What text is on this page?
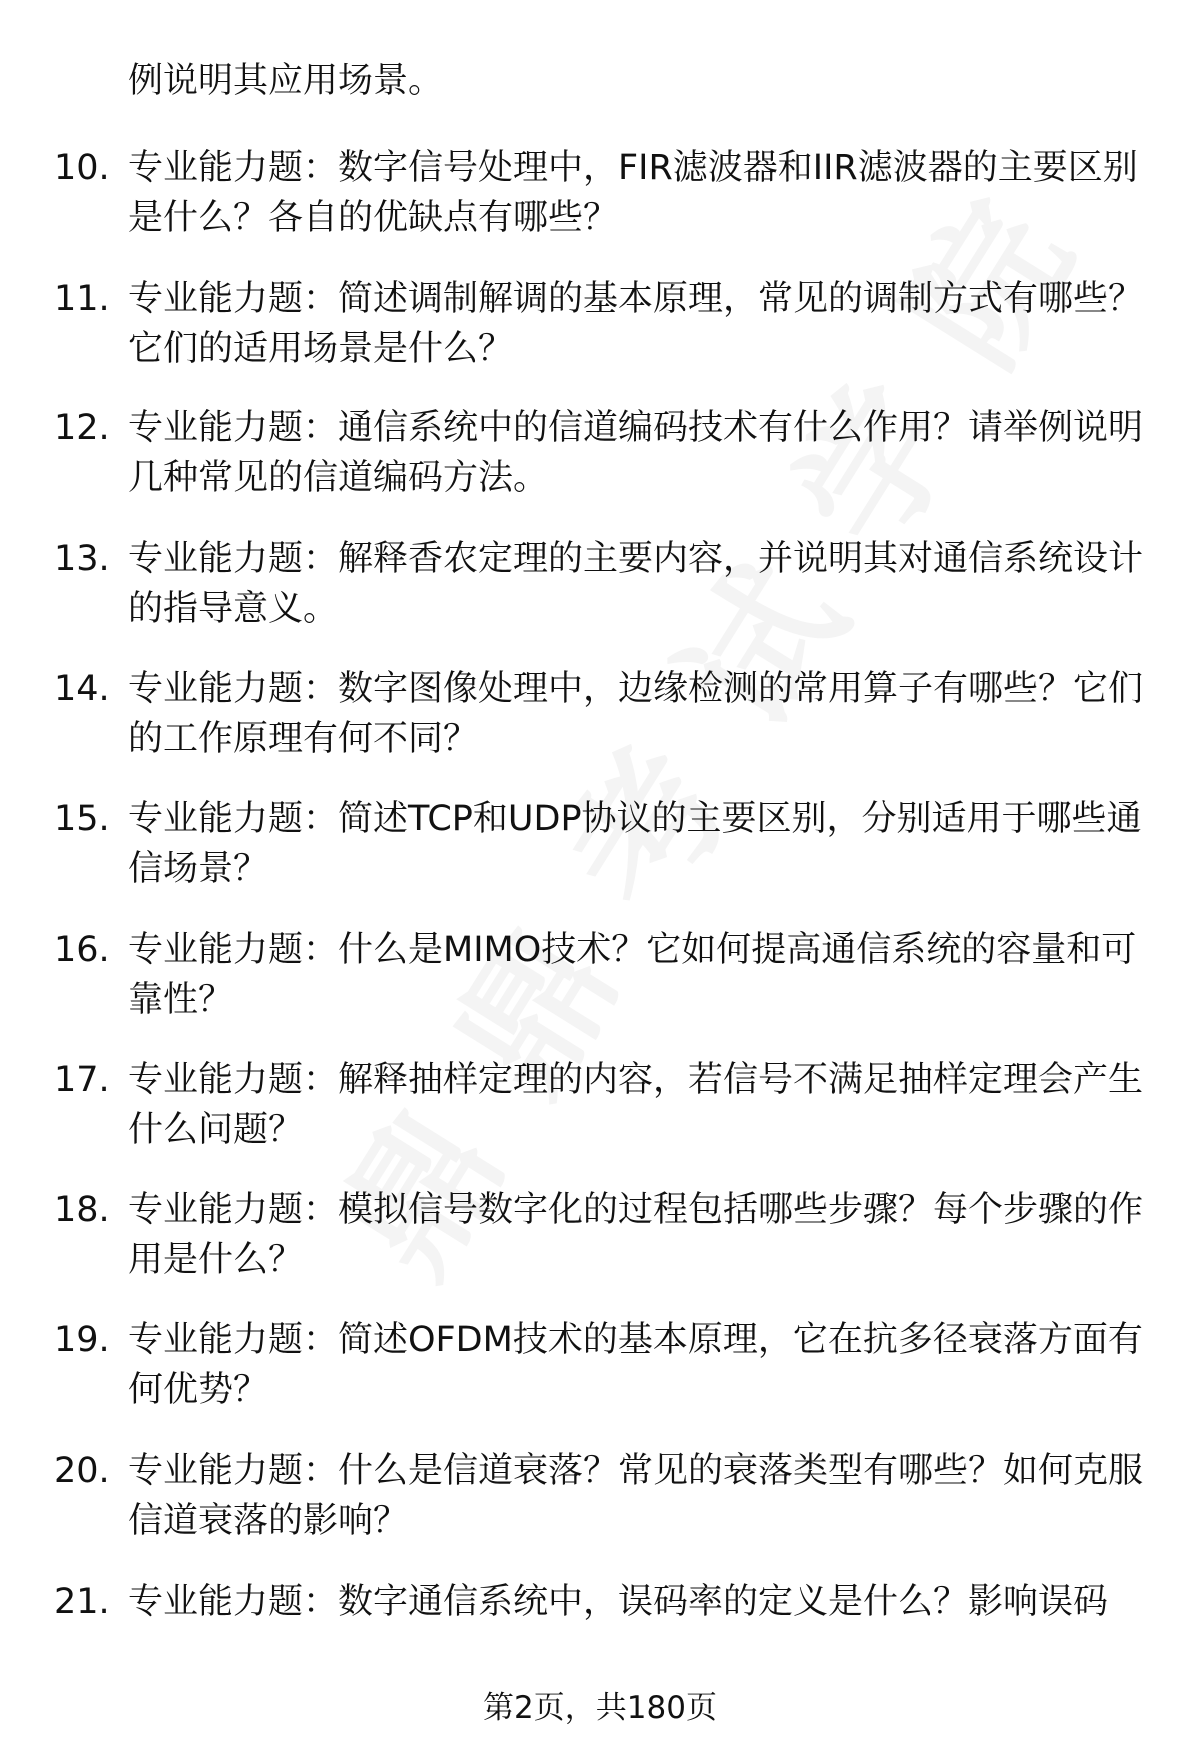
例说明其应用场景。
10. 专业能力题：数字信号处理中，FIR滤波器和IIR滤波器的主要区别是什么？各自的优缺点有哪些？
11. 专业能力题：简述调制解调的基本原理，常见的调制方式有哪些？它们的适用场景是什么？
12. 专业能力题：通信系统中的信道编码技术有什么作用？请举例说明几种常见的信道编码方法。
13. 专业能力题：解释香农定理的主要内容，并说明其对通信系统设计的指导意义。
14. 专业能力题：数字图像处理中，边缘检测的常用算子有哪些？它们的工作原理有何不同？
15. 专业能力题：简述TCP和UDP协议的主要区别，分别适用于哪些通信场景？
16. 专业能力题：什么是MIMO技术？它如何提高通信系统的容量和可靠性？
17. 专业能力题：解释抽样定理的内容，若信号不满足抽样定理会产生什么问题？
18. 专业能力题：模拟信号数字化的过程包括哪些步骤？每个步骤的作用是什么？
19. 专业能力题：简述OFDM技术的基本原理，它在抗多径衰落方面有何优势？
20. 专业能力题：什么是信道衰落？常见的衰落类型有哪些？如何克服信道衰落的影响？
21. 专业能力题：数字通信系统中，误码率的定义是什么？影响误码
第2页，共180页
